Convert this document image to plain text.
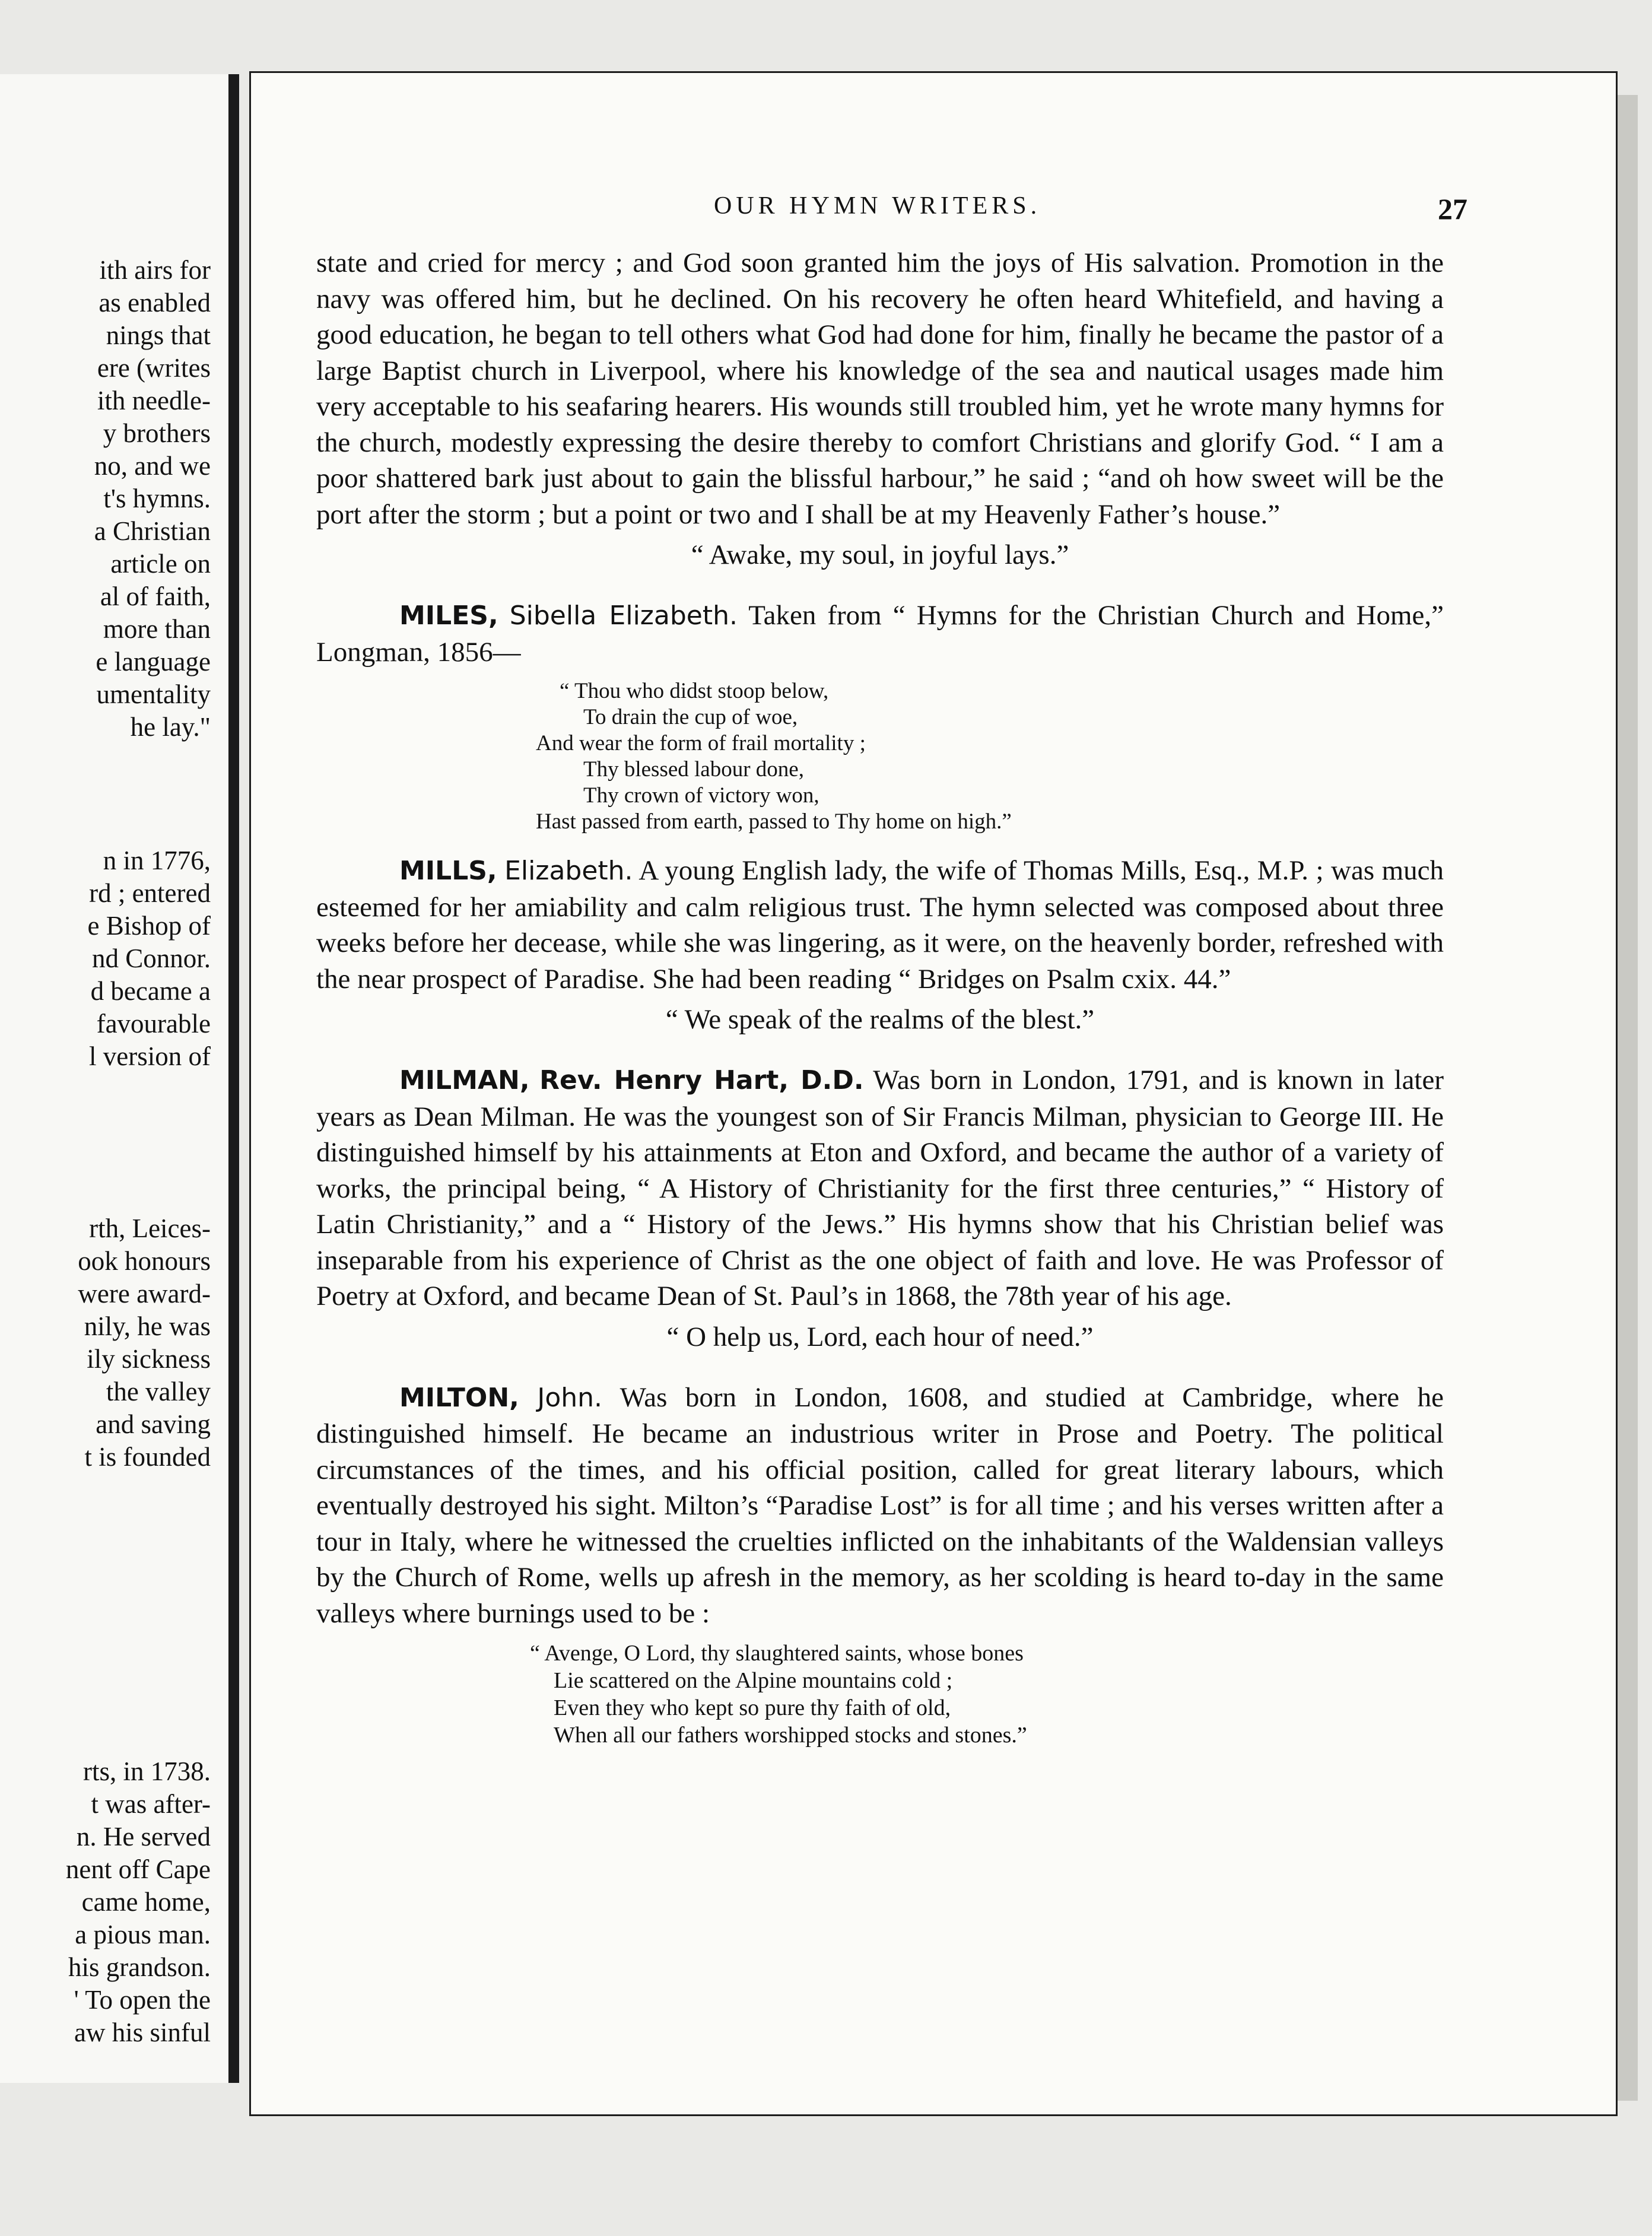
ith airs for
as enabled
nings that
ere (writes
ith needle-
y brothers
no, and we
t's hymns.
a Christian
article on
al of faith,
more than
e language
umentality
he lay."
n in 1776,
rd ; entered
e Bishop of
nd Connor.
d became a
favourable
l version of
rth, Leices-
ook honours
were award-
nily, he was
ily sickness
the valley
and saving
t is founded
rts, in 1738.
t was after-
n. He served
nent off Cape
came home,
a pious man.
his grandson.
' To open the
aw his sinful
OUR HYMN WRITERS.	27

state and cried for mercy ; and God soon granted him the joys of His salvation. Promotion in the navy was offered him, but he declined. On his recovery he often heard Whitefield, and having a good education, he began to tell others what God had done for him, finally he became the pastor of a large Baptist church in Liverpool, where his knowledge of the sea and nautical usages made him very acceptable to his seafaring hearers. His wounds still troubled him, yet he wrote many hymns for the church, modestly expressing the desire thereby to comfort Christians and glorify God. “ I am a poor shattered bark just about to gain the blissful harbour,” he said ; “and oh how sweet will be the port after the storm ; but a point or two and I shall be at my Heavenly Father’s house.”

“ Awake, my soul, in joyful lays.”

MILES, Sibella Elizabeth. Taken from “ Hymns for the Christian Church and Home,” Longman, 1856—

“ Thou who didst stoop below,
To drain the cup of woe,
And wear the form of frail mortality ;
Thy blessed labour done,
Thy crown of victory won,
Hast passed from earth, passed to Thy home on high.”

MILLS, Elizabeth. A young English lady, the wife of Thomas Mills, Esq., M.P. ; was much esteemed for her amiability and calm religious trust. The hymn selected was composed about three weeks before her decease, while she was lingering, as it were, on the heavenly border, refreshed with the near prospect of Paradise. She had been reading “ Bridges on Psalm cxix. 44.”

“ We speak of the realms of the blest.”

MILMAN, Rev. Henry Hart, D.D. Was born in London, 1791, and is known in later years as Dean Milman. He was the youngest son of Sir Francis Milman, physician to George III. He distinguished himself by his attainments at Eton and Oxford, and became the author of a variety of works, the principal being, “ A History of Christianity for the first three centuries,” “ History of Latin Christianity,” and a “ History of the Jews.” His hymns show that his Christian belief was inseparable from his experience of Christ as the one object of faith and love. He was Professor of Poetry at Oxford, and became Dean of St. Paul’s in 1868, the 78th year of his age.

“ O help us, Lord, each hour of need.”

MILTON, John. Was born in London, 1608, and studied at Cambridge, where he distinguished himself. He became an industrious writer in Prose and Poetry. The political circumstances of the times, and his official position, called for great literary labours, which eventually destroyed his sight. Milton’s “Paradise Lost” is for all time ; and his verses written after a tour in Italy, where he witnessed the cruelties inflicted on the inhabitants of the Waldensian valleys by the Church of Rome, wells up afresh in the memory, as her scolding is heard to-day in the same valleys where burnings used to be :

“ Avenge, O Lord, thy slaughtered saints, whose bones
Lie scattered on the Alpine mountains cold ;
Even they who kept so pure thy faith of old,
When all our fathers worshipped stocks and stones.”
